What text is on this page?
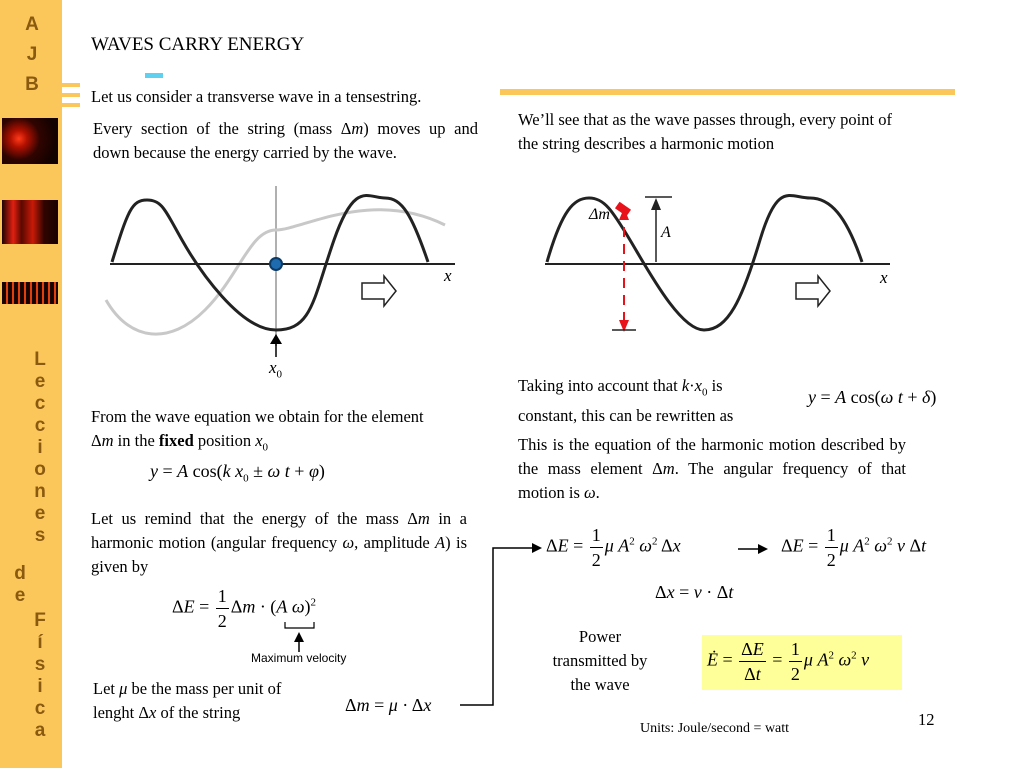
A
J
B
L
e
c
c
i
o
n
e
s
d
e
F
í
s
i
c
a
WAVES CARRY ENERGY
Let us consider a transverse wave in a tensestring.
Every section of the string (mass Δm) moves up and down because the energy carried by the wave.
x
$x_0$
From the wave equation we obtain for the element Δm in the fixed position $x_0$
y = A cos(k $x_0 \pm \omega$ t + φ)
Let us remind that the energy of the mass Δm in a harmonic motion (angular frequency ω, amplitude A) is given by
$\Delta E = \frac{1}{2}$ Δm · (A ω)$^2$
Maximum velocity
Let μ be the mass per unit of lenght Δx of the string	Δm = μ · Δx
We’ll see that as the wave passes through, every point of the string describes a harmonic motion
Δm
A
x
Taking into account that $k\cdot x_0$ is constant, this can be rewritten as
y = A cos(ω t + δ)
This is the equation of the harmonic motion described by the mass element Δm. The angular frequency of that motion is ω.
$\Delta E = \frac{1}{2}$ μ $A^2$ $\omega^2$ Δx	$\Delta E = \frac{1}{2}$ μ $A^2$ $\omega^2$ v Δt
Δx = v · Δt
Power transmitted by the wave
Ė = $\frac{\Delta E}{\Delta t} = \frac{1}{2}$ μ $A^2$ $\omega^2$ v
12
Units: Joule/second = watt
